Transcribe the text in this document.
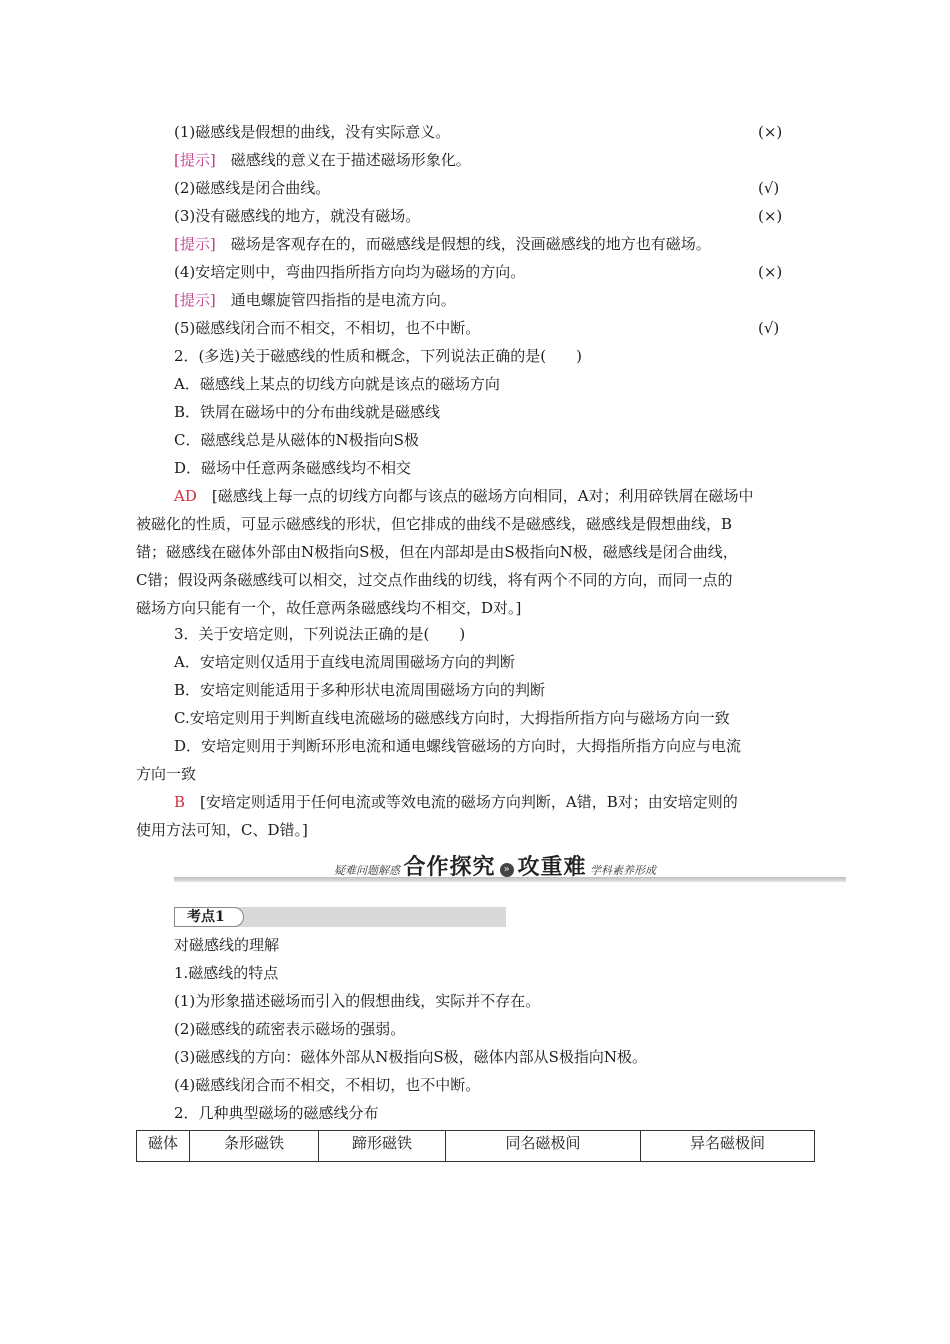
(1)磁感线是假想的曲线，没有实际意义。	(×)
[提示]　磁感线的意义在于描述磁场形象化。
(2)磁感线是闭合曲线。	(√)
(3)没有磁感线的地方，就没有磁场。	(×)
[提示]　磁场是客观存在的，而磁感线是假想的线，没画磁感线的地方也有磁场。
(4)安培定则中，弯曲四指所指方向均为磁场的方向。	(×)
[提示]　通电螺旋管四指指的是电流方向。
(5)磁感线闭合而不相交，不相切，也不中断。	(√)
2．(多选)关于磁感线的性质和概念，下列说法正确的是(　　)
A．磁感线上某点的切线方向就是该点的磁场方向
B．铁屑在磁场中的分布曲线就是磁感线
C．磁感线总是从磁体的N极指向S极
D．磁场中任意两条磁感线均不相交
AD　[磁感线上每一点的切线方向都与该点的磁场方向相同，A对；利用碎铁屑在磁场中
被磁化的性质，可显示磁感线的形状，但它排成的曲线不是磁感线，磁感线是假想曲线，B
错；磁感线在磁体外部由N极指向S极，但在内部却是由S极指向N极，磁感线是闭合曲线，
C错；假设两条磁感线可以相交，过交点作曲线的切线，将有两个不同的方向，而同一点的
磁场方向只能有一个，故任意两条磁感线均不相交，D对。]
3．关于安培定则，下列说法正确的是(　　)
A．安培定则仅适用于直线电流周围磁场方向的判断
B．安培定则能适用于多种形状电流周围磁场方向的判断
C.安培定则用于判断直线电流磁场的磁感线方向时，大拇指所指方向与磁场方向一致
D．安培定则用于判断环形电流和通电螺线管磁场的方向时，大拇指所指方向应与电流
方向一致
B　[安培定则适用于任何电流或等效电流的磁场方向判断，A错，B对；由安培定则的
使用方法可知，C、D错。]
疑难问题解惑 合作探究 » 攻重难 学科素养形成
考点1
对磁感线的理解
1.磁感线的特点
(1)为形象描述磁场而引入的假想曲线，实际并不存在。
(2)磁感线的疏密表示磁场的强弱。
(3)磁感线的方向：磁体外部从N极指向S极，磁体内部从S极指向N极。
(4)磁感线闭合而不相交，不相切，也不中断。
2．几种典型磁场的磁感线分布
磁体	条形磁铁	蹄形磁铁	同名磁极间	异名磁极间
